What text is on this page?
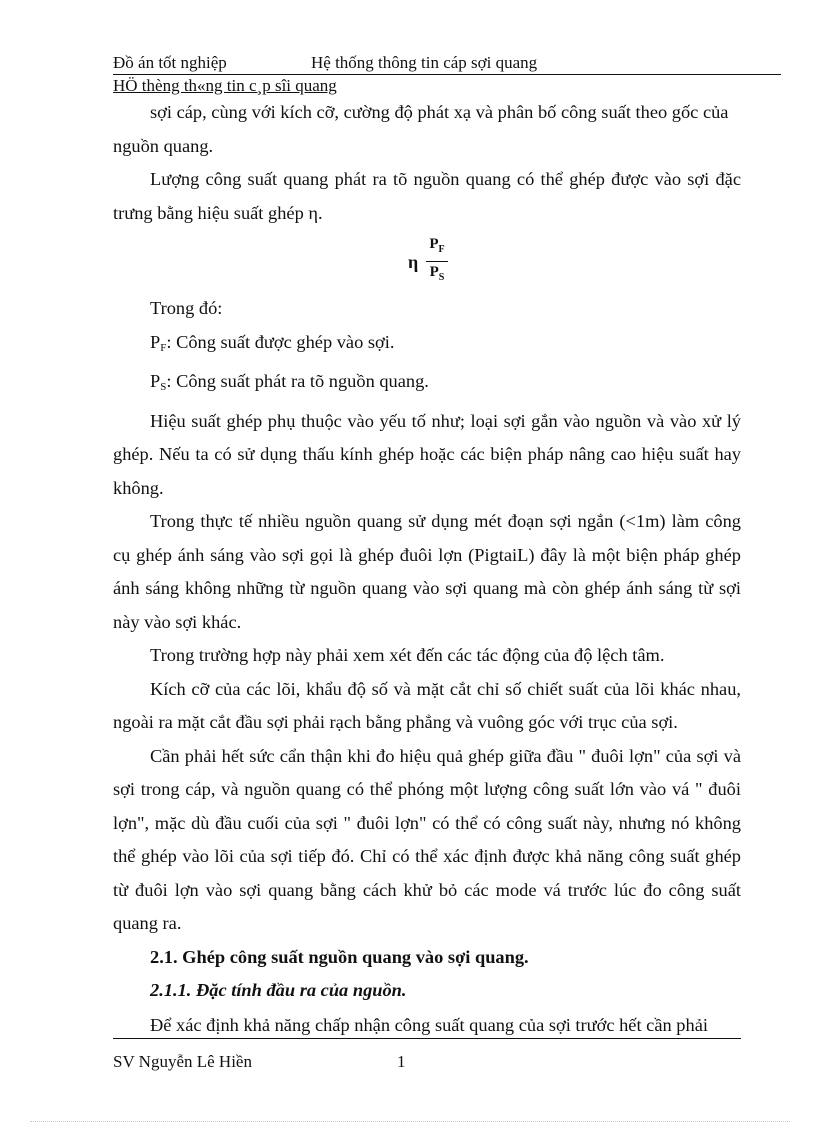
Đồ án tốt nghiệp	Hệ thống thông tin cáp sợi quang
HÖ thèng th«ng tin c¸p sîi quang

sợi cáp, cùng với kích cỡ, cường độ phát xạ và phân bố công suất theo gốc của

nguồn quang.

Lượng công suất quang phát ra tõ nguồn quang có thể ghép được vào sợi đặc trưng bằng hiệu suất ghép η.

η $\frac{P_F}{P_S}$

Trong đó:

$P_F$: Công suất được ghép vào sợi.

$P_S$: Công suất phát ra tõ nguồn quang.

Hiệu suất ghép phụ thuộc vào yếu tố như; loại sợi gắn vào nguồn và vào xử lý ghép. Nếu ta có sử dụng thấu kính ghép hoặc các biện pháp nâng cao hiệu suất hay không.

Trong thực tế nhiều nguồn quang sử dụng mét đoạn sợi ngắn (<1m) làm công cụ ghép ánh sáng vào sợi gọi là ghép đuôi lợn (PigtaiL) đây là một biện pháp ghép ánh sáng không những từ nguồn quang vào sợi quang mà còn ghép ánh sáng từ sợi này vào sợi khác.

Trong trường hợp này phải xem xét đến các tác động của độ lệch tâm.

Kích cỡ của các lõi, khẩu độ số và mặt cắt chỉ số chiết suất của lõi khác nhau, ngoài ra mặt cắt đầu sợi phải rạch bằng phẳng và vuông góc với trục của sợi.

Cần phải hết sức cẩn thận khi đo hiệu quả ghép giữa đầu " đuôi lợn" của sợi và sợi trong cáp, và nguồn quang có thể phóng một lượng công suất lớn vào vá " đuôi lợn", mặc dù đầu cuối của sợi " đuôi lợn" có thể có công suất này, nhưng nó không thể ghép vào lõi của sợi tiếp đó. Chỉ có thể xác định được khả năng công suất ghép từ đuôi lợn vào sợi quang bằng cách khử bỏ các mode vá trước lúc đo công suất quang ra.

2.1. Ghép công suất nguồn quang vào sợi quang.

2.1.1. Đặc tính đầu ra của nguồn.

Để xác định khả năng chấp nhận công suất quang của sợi trước hết cần phải

SV Nguyễn Lê Hiền	1
